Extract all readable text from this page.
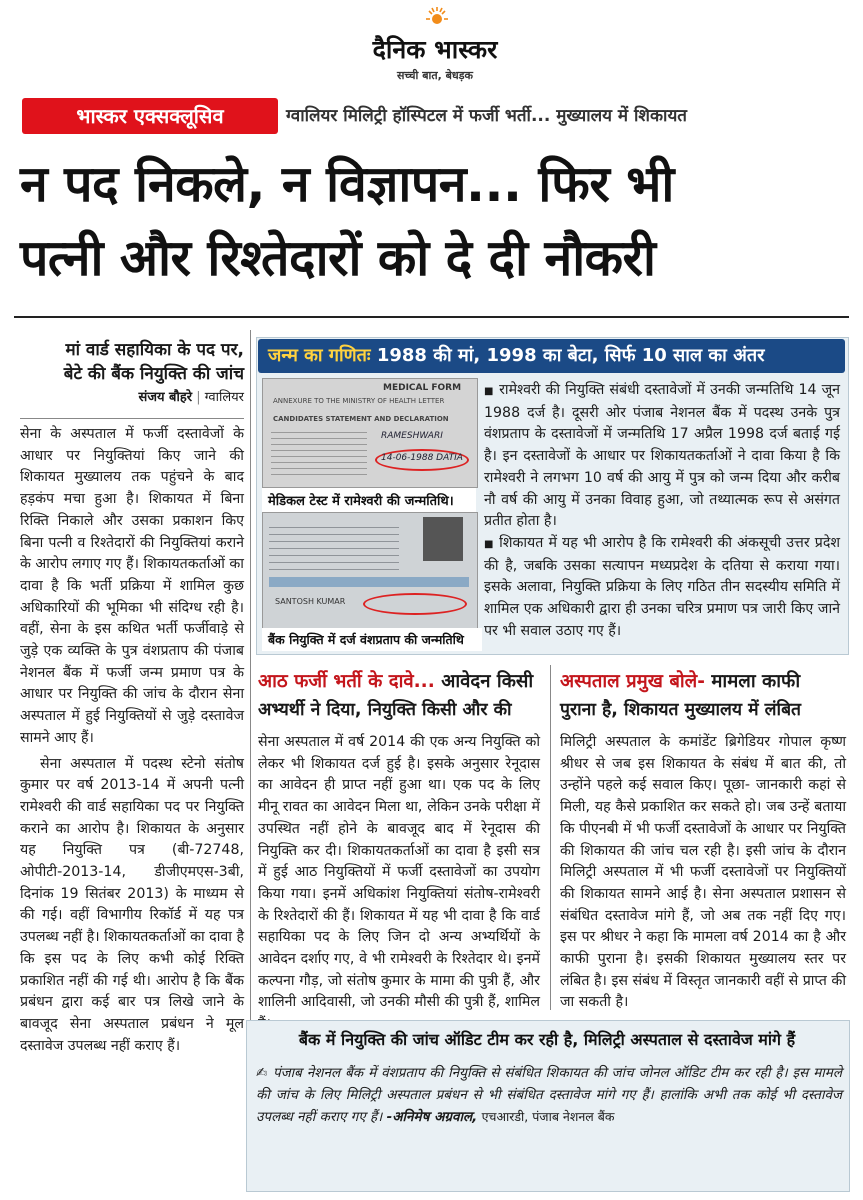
दैनिक भास्कर
सच्ची बात, बेधड़क
भास्कर एक्सक्लूसिव	ग्वालियर मिलिट्री हॉस्पिटल में फर्जी भर्ती... मुख्यालय में शिकायत
न पद निकले, न विज्ञापन... फिर भी
पत्नी और रिश्तेदारों को दे दी नौकरी
मां वार्ड सहायिका के पद पर,
बेटे की बैंक नियुक्ति की जांच
संजय बौहरे | ग्वालियर

सेना के अस्पताल में फर्जी दस्तावेजों के आधार पर नियुक्तियां किए जाने की शिकायत मुख्यालय तक पहुंचने के बाद हड़कंप मचा हुआ है। शिकायत में बिना रिक्ति निकाले और उसका प्रकाशन किए बिना पत्नी व रिश्तेदारों की नियुक्तियां कराने के आरोप लगाए गए हैं। शिकायतकर्ताओं का दावा है कि भर्ती प्रक्रिया में शामिल कुछ अधिकारियों की भूमिका भी संदिग्ध रही है। वहीं, सेना के इस कथित भर्ती फर्जीवाड़े से जुड़े एक व्यक्ति के पुत्र वंशप्रताप की पंजाब नेशनल बैंक में फर्जी जन्म प्रमाण पत्र के आधार पर नियुक्ति की जांच के दौरान सेना अस्पताल में हुई नियुक्तियों से जुड़े दस्तावेज सामने आए हैं।

सेना अस्पताल में पदस्थ स्टेनो संतोष कुमार पर वर्ष 2013-14 में अपनी पत्नी रामेश्वरी की वार्ड सहायिका पद पर नियुक्ति कराने का आरोप है। शिकायत के अनुसार यह नियुक्ति पत्र (बी-72748, ओपीटी-2013-14, डीजीएमएस-3बी, दिनांक 19 सितंबर 2013) के माध्यम से की गई। वहीं विभागीय रिकॉर्ड में यह पत्र उपलब्ध नहीं है। शिकायतकर्ताओं का दावा है कि इस पद के लिए कभी कोई रिक्ति प्रकाशित नहीं की गई थी। आरोप है कि बैंक प्रबंधन द्वारा कई बार पत्र लिखे जाने के बावजूद सेना अस्पताल प्रबंधन ने मूल दस्तावेज उपलब्ध नहीं कराए हैं।

जन्म का गणितः 1988 की मां, 1998 का बेटा, सिर्फ 10 साल का अंतर
MEDICAL FORM
ANNEXURE TO THE MINISTRY OF HEALTH LETTER
CANDIDATES STATEMENT AND DECLARATION
RAMESHWARI
14-06-1988 DATIA
मेडिकल टेस्ट में रामेश्वरी की जन्मतिथि।
SANTOSH KUMAR
बैंक नियुक्ति में दर्ज वंशप्रताप की जन्मतिथि
■ रामेश्वरी की नियुक्ति संबंधी दस्तावेजों में उनकी जन्मतिथि 14 जून 1988 दर्ज है। दूसरी ओर पंजाब नेशनल बैंक में पदस्थ उनके पुत्र वंशप्रताप के दस्तावेजों में जन्मतिथि 17 अप्रैल 1998 दर्ज बताई गई है। इन दस्तावेजों के आधार पर शिकायतकर्ताओं ने दावा किया है कि रामेश्वरी ने लगभग 10 वर्ष की आयु में पुत्र को जन्म दिया और करीब नौ वर्ष की आयु में उनका विवाह हुआ, जो तथ्यात्मक रूप से असंगत प्रतीत होता है।
■ शिकायत में यह भी आरोप है कि रामेश्वरी की अंकसूची उत्तर प्रदेश की है, जबकि उसका सत्यापन मध्यप्रदेश के दतिया से कराया गया। इसके अलावा, नियुक्ति प्रक्रिया के लिए गठित तीन सदस्यीय समिति में शामिल एक अधिकारी द्वारा ही उनका चरित्र प्रमाण पत्र जारी किए जाने पर भी सवाल उठाए गए हैं।
आठ फर्जी भर्ती के दावे... आवेदन किसी
अभ्यर्थी ने दिया, नियुक्ति किसी और की

सेना अस्पताल में वर्ष 2014 की एक अन्य नियुक्ति को लेकर भी शिकायत दर्ज हुई है। इसके अनुसार रेनूदास का आवेदन ही प्राप्त नहीं हुआ था। एक पद के लिए मीनू रावत का आवेदन मिला था, लेकिन उनके परीक्षा में उपस्थित नहीं होने के बावजूद बाद में रेनूदास की नियुक्ति कर दी। शिकायतकर्ताओं का दावा है इसी सत्र में हुई आठ नियुक्तियों में फर्जी दस्तावेजों का उपयोग किया गया। इनमें अधिकांश नियुक्तियां संतोष-रामेश्वरी के रिश्तेदारों की हैं। शिकायत में यह भी दावा है कि वार्ड सहायिका पद के लिए जिन दो अन्य अभ्यर्थियों के आवेदन दर्शाए गए, वे भी रामेश्वरी के रिश्तेदार थे। इनमें कल्पना गौड़, जो संतोष कुमार के मामा की पुत्री हैं, और शालिनी आदिवासी, जो उनकी मौसी की पुत्री हैं, शामिल

अस्पताल प्रमुख बोले- मामला काफी
पुराना है, शिकायत मुख्यालय में लंबित

मिलिट्री अस्पताल के कमांडेंट ब्रिगेडियर गोपाल कृष्ण श्रीधर से जब इस शिकायत के संबंध में बात की, तो उन्होंने पहले कई सवाल किए। पूछा- जानकारी कहां से मिली, यह कैसे प्रकाशित कर सकते हो। जब उन्हें बताया कि पीएनबी में भी फर्जी दस्तावेजों के आधार पर नियुक्ति की शिकायत की जांच चल रही है। इसी जांच के दौरान मिलिट्री अस्पताल में भी फर्जी दस्तावेजों पर नियुक्तियों की शिकायत सामने आई है। सेना अस्पताल प्रशासन से संबंधित दस्तावेज मांगे हैं, जो अब तक नहीं दिए गए। इस पर श्रीधर ने कहा कि मामला वर्ष 2014 का है और काफी पुराना है। इसकी शिकायत मुख्यालय स्तर पर लंबित है। इस संबंध में विस्तृत जानकारी वहीं से प्राप्त की जा सकती है।

बैंक में नियुक्ति की जांच ऑडिट टीम कर रही है, मिलिट्री अस्पताल से दस्तावेज मांगे हैं
✍ पंजाब नेशनल बैंक में वंशप्रताप की नियुक्ति से संबंधित शिकायत की जांच जोनल ऑडिट टीम कर रही है। इस मामले की जांच के लिए मिलिट्री अस्पताल प्रबंधन से भी संबंधित दस्तावेज मांगे गए हैं। हालांकि अभी तक कोई भी दस्तावेज उपलब्ध नहीं कराए गए हैं। -अनिमेष अग्रवाल, एचआरडी, पंजाब नेशनल बैंक
